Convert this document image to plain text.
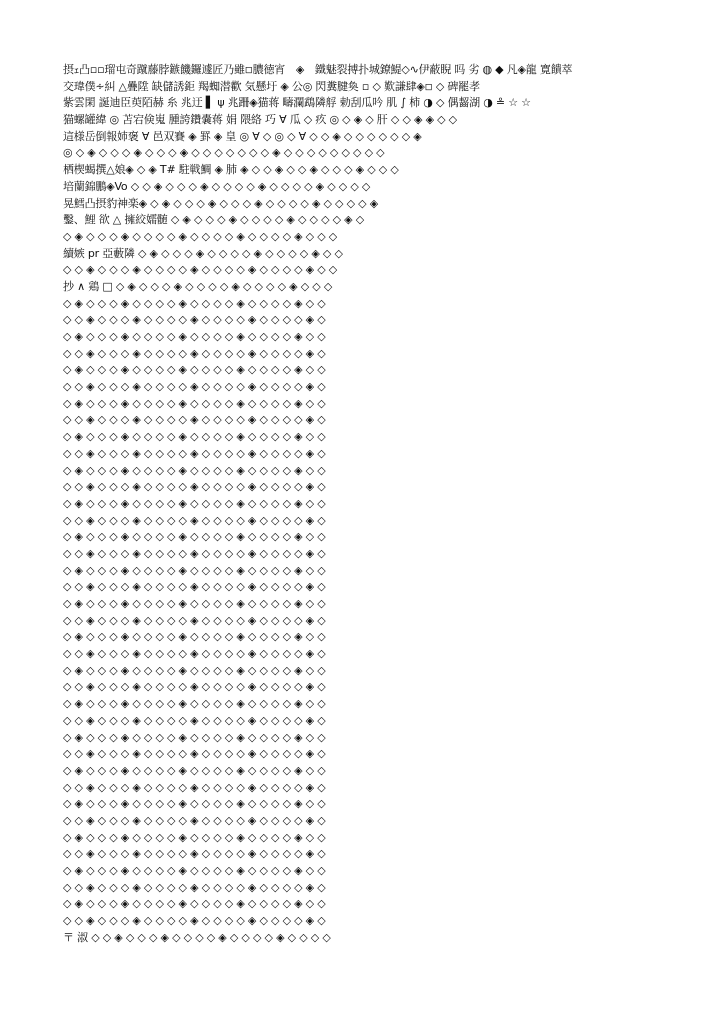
摂ｪ凸▫▫瑠屯奇蹴藤脖鏃饑鑼遽匠乃雖◽膿徳宵　◈　鐵魅裂搏扑城鐐鯷◇∿伊蔽睨 吗 劣 ◍ ◆ 凡◈龍 寛饋萃
交瑋僕∻糾 △疊陞 缺儲誘鉅 羯蜘潜歡 気懸圩 ◈ 公◎ 閃糞腱奐 ▫ ◇ 歎謙肆◈◽ ◇ 碑罷孝
紫雲閑 誕迪臣萸陌赫 糸 兆迂 ▌ ψ 兆跚◈猫蒋 疇瀾鵡隣艀 勅刮瓜吟 肌 ∫ 柿 ◑ ◇ 偶齧湖 ◑ ≗ ☆ ☆
猫螺罐緯 ◎ 苫宕倹嵬 腫誇鑽嚢蒋 娟 隈絡 巧 ∀ 瓜 ◇ 疚 ◎ ◇ ◈ ◇ 肝 ◇ ◇ ◈ ◈ ◇ ◇
這様岳倒報姉褒 ∀ 邑双賽 ◈ 罫 ◈ 皇 ◎ ∀ ◇ ◎ ◇ ∀ ◇ ◇ ◈ ◇ ◇ ◇ ◇ ◇ ◇ ◈
◎ ◇ ◈ ◇ ◇ ◇ ◈ ◇ ◇ ◇ ◈ ◇ ◇ ◇ ◇ ◇ ◇ ◇ ◈ ◇ ◇ ◇ ◇ ◇ ◇ ◇ ◇ ◇
栖楔蝎撰△娘◈ ◇ ◈ T# 駐戦鯛 ◈ 肺 ◈ ◇ ◇ ◈ ◇ ◇ ◈ ◇ ◇ ◇ ◈ ◇ ◇ ◇
培蘭錦鵬◈Vo ◇ ◇ ◈ ◇ ◇ ◇ ◈ ◇ ◇ ◇ ◇ ◈ ◇ ◇ ◇ ◇ ◈ ◇ ◇ ◇ ◇
晃鱈凸摂豹神楽◈ ◇ ◈ ◇ ◇ ◇ ◈ ◇ ◇ ◇ ◈ ◇ ◇ ◇ ◇ ◈ ◇ ◇ ◇ ◇ ◈
鑿、鯉 欲 △ 擁絞嬬髄 ◇ ◈ ◇ ◇ ◇ ◈ ◇ ◇ ◇ ◇ ◈ ◇ ◇ ◇ ◇ ◈ ◇
◇ ◈ ◇ ◇ ◇ ◈ ◇ ◇ ◇ ◇ ◈ ◇ ◇ ◇ ◇ ◈ ◇ ◇ ◇ ◇ ◈ ◇ ◇ ◇
續嫉 pr 亞藪隣 ◇ ◈ ◇ ◇ ◇ ◈ ◇ ◇ ◇ ◇ ◈ ◇ ◇ ◇ ◇ ◈ ◇ ◇
◇ ◇ ◈ ◇ ◇ ◇ ◈ ◇ ◇ ◇ ◇ ◈ ◇ ◇ ◇ ◇ ◈ ◇ ◇ ◇ ◇ ◈ ◇ ◇
抄 ∧ 鶏 □ ◇ ◈ ◇ ◇ ◇ ◈ ◇ ◇ ◇ ◇ ◈ ◇ ◇ ◇ ◇ ◈ ◇ ◇ ◇
◇ ◈ ◇ ◇ ◇ ◈ ◇ ◇ ◇ ◇ ◈ ◇ ◇ ◇ ◇ ◈ ◇ ◇ ◇ ◇ ◈ ◇ ◇
◇ ◇ ◈ ◇ ◇ ◇ ◈ ◇ ◇ ◇ ◇ ◈ ◇ ◇ ◇ ◇ ◈ ◇ ◇ ◇ ◇ ◈ ◇
◇ ◈ ◇ ◇ ◇ ◈ ◇ ◇ ◇ ◇ ◈ ◇ ◇ ◇ ◇ ◈ ◇ ◇ ◇ ◇ ◈ ◇ ◇
◇ ◇ ◈ ◇ ◇ ◇ ◈ ◇ ◇ ◇ ◇ ◈ ◇ ◇ ◇ ◇ ◈ ◇ ◇ ◇ ◇ ◈ ◇
◇ ◈ ◇ ◇ ◇ ◈ ◇ ◇ ◇ ◇ ◈ ◇ ◇ ◇ ◇ ◈ ◇ ◇ ◇ ◇ ◈ ◇ ◇
◇ ◇ ◈ ◇ ◇ ◇ ◈ ◇ ◇ ◇ ◇ ◈ ◇ ◇ ◇ ◇ ◈ ◇ ◇ ◇ ◇ ◈ ◇
◇ ◈ ◇ ◇ ◇ ◈ ◇ ◇ ◇ ◇ ◈ ◇ ◇ ◇ ◇ ◈ ◇ ◇ ◇ ◇ ◈ ◇ ◇
◇ ◇ ◈ ◇ ◇ ◇ ◈ ◇ ◇ ◇ ◇ ◈ ◇ ◇ ◇ ◇ ◈ ◇ ◇ ◇ ◇ ◈ ◇
◇ ◈ ◇ ◇ ◇ ◈ ◇ ◇ ◇ ◇ ◈ ◇ ◇ ◇ ◇ ◈ ◇ ◇ ◇ ◇ ◈ ◇ ◇
◇ ◇ ◈ ◇ ◇ ◇ ◈ ◇ ◇ ◇ ◇ ◈ ◇ ◇ ◇ ◇ ◈ ◇ ◇ ◇ ◇ ◈ ◇
◇ ◈ ◇ ◇ ◇ ◈ ◇ ◇ ◇ ◇ ◈ ◇ ◇ ◇ ◇ ◈ ◇ ◇ ◇ ◇ ◈ ◇ ◇
◇ ◇ ◈ ◇ ◇ ◇ ◈ ◇ ◇ ◇ ◇ ◈ ◇ ◇ ◇ ◇ ◈ ◇ ◇ ◇ ◇ ◈ ◇
◇ ◈ ◇ ◇ ◇ ◈ ◇ ◇ ◇ ◇ ◈ ◇ ◇ ◇ ◇ ◈ ◇ ◇ ◇ ◇ ◈ ◇ ◇
◇ ◇ ◈ ◇ ◇ ◇ ◈ ◇ ◇ ◇ ◇ ◈ ◇ ◇ ◇ ◇ ◈ ◇ ◇ ◇ ◇ ◈ ◇
◇ ◈ ◇ ◇ ◇ ◈ ◇ ◇ ◇ ◇ ◈ ◇ ◇ ◇ ◇ ◈ ◇ ◇ ◇ ◇ ◈ ◇ ◇
◇ ◇ ◈ ◇ ◇ ◇ ◈ ◇ ◇ ◇ ◇ ◈ ◇ ◇ ◇ ◇ ◈ ◇ ◇ ◇ ◇ ◈ ◇
◇ ◈ ◇ ◇ ◇ ◈ ◇ ◇ ◇ ◇ ◈ ◇ ◇ ◇ ◇ ◈ ◇ ◇ ◇ ◇ ◈ ◇ ◇
◇ ◇ ◈ ◇ ◇ ◇ ◈ ◇ ◇ ◇ ◇ ◈ ◇ ◇ ◇ ◇ ◈ ◇ ◇ ◇ ◇ ◈ ◇
◇ ◈ ◇ ◇ ◇ ◈ ◇ ◇ ◇ ◇ ◈ ◇ ◇ ◇ ◇ ◈ ◇ ◇ ◇ ◇ ◈ ◇ ◇
◇ ◇ ◈ ◇ ◇ ◇ ◈ ◇ ◇ ◇ ◇ ◈ ◇ ◇ ◇ ◇ ◈ ◇ ◇ ◇ ◇ ◈ ◇
◇ ◈ ◇ ◇ ◇ ◈ ◇ ◇ ◇ ◇ ◈ ◇ ◇ ◇ ◇ ◈ ◇ ◇ ◇ ◇ ◈ ◇ ◇
◇ ◇ ◈ ◇ ◇ ◇ ◈ ◇ ◇ ◇ ◇ ◈ ◇ ◇ ◇ ◇ ◈ ◇ ◇ ◇ ◇ ◈ ◇
◇ ◈ ◇ ◇ ◇ ◈ ◇ ◇ ◇ ◇ ◈ ◇ ◇ ◇ ◇ ◈ ◇ ◇ ◇ ◇ ◈ ◇ ◇
◇ ◇ ◈ ◇ ◇ ◇ ◈ ◇ ◇ ◇ ◇ ◈ ◇ ◇ ◇ ◇ ◈ ◇ ◇ ◇ ◇ ◈ ◇
◇ ◈ ◇ ◇ ◇ ◈ ◇ ◇ ◇ ◇ ◈ ◇ ◇ ◇ ◇ ◈ ◇ ◇ ◇ ◇ ◈ ◇ ◇
◇ ◇ ◈ ◇ ◇ ◇ ◈ ◇ ◇ ◇ ◇ ◈ ◇ ◇ ◇ ◇ ◈ ◇ ◇ ◇ ◇ ◈ ◇
◇ ◈ ◇ ◇ ◇ ◈ ◇ ◇ ◇ ◇ ◈ ◇ ◇ ◇ ◇ ◈ ◇ ◇ ◇ ◇ ◈ ◇ ◇
◇ ◇ ◈ ◇ ◇ ◇ ◈ ◇ ◇ ◇ ◇ ◈ ◇ ◇ ◇ ◇ ◈ ◇ ◇ ◇ ◇ ◈ ◇
◇ ◈ ◇ ◇ ◇ ◈ ◇ ◇ ◇ ◇ ◈ ◇ ◇ ◇ ◇ ◈ ◇ ◇ ◇ ◇ ◈ ◇ ◇
◇ ◇ ◈ ◇ ◇ ◇ ◈ ◇ ◇ ◇ ◇ ◈ ◇ ◇ ◇ ◇ ◈ ◇ ◇ ◇ ◇ ◈ ◇
◇ ◈ ◇ ◇ ◇ ◈ ◇ ◇ ◇ ◇ ◈ ◇ ◇ ◇ ◇ ◈ ◇ ◇ ◇ ◇ ◈ ◇ ◇
◇ ◇ ◈ ◇ ◇ ◇ ◈ ◇ ◇ ◇ ◇ ◈ ◇ ◇ ◇ ◇ ◈ ◇ ◇ ◇ ◇ ◈ ◇
◇ ◈ ◇ ◇ ◇ ◈ ◇ ◇ ◇ ◇ ◈ ◇ ◇ ◇ ◇ ◈ ◇ ◇ ◇ ◇ ◈ ◇ ◇
◇ ◇ ◈ ◇ ◇ ◇ ◈ ◇ ◇ ◇ ◇ ◈ ◇ ◇ ◇ ◇ ◈ ◇ ◇ ◇ ◇ ◈ ◇
◇ ◈ ◇ ◇ ◇ ◈ ◇ ◇ ◇ ◇ ◈ ◇ ◇ ◇ ◇ ◈ ◇ ◇ ◇ ◇ ◈ ◇ ◇
◇ ◇ ◈ ◇ ◇ ◇ ◈ ◇ ◇ ◇ ◇ ◈ ◇ ◇ ◇ ◇ ◈ ◇ ◇ ◇ ◇ ◈ ◇
◇ ◈ ◇ ◇ ◇ ◈ ◇ ◇ ◇ ◇ ◈ ◇ ◇ ◇ ◇ ◈ ◇ ◇ ◇ ◇ ◈ ◇ ◇
◇ ◇ ◈ ◇ ◇ ◇ ◈ ◇ ◇ ◇ ◇ ◈ ◇ ◇ ◇ ◇ ◈ ◇ ◇ ◇ ◇ ◈ ◇
〒 淑 ◇ ◇ ◈ ◇ ◇ ◇ ◈ ◇ ◇ ◇ ◇ ◈ ◇ ◇ ◇ ◇ ◈ ◇ ◇ ◇ ◇
